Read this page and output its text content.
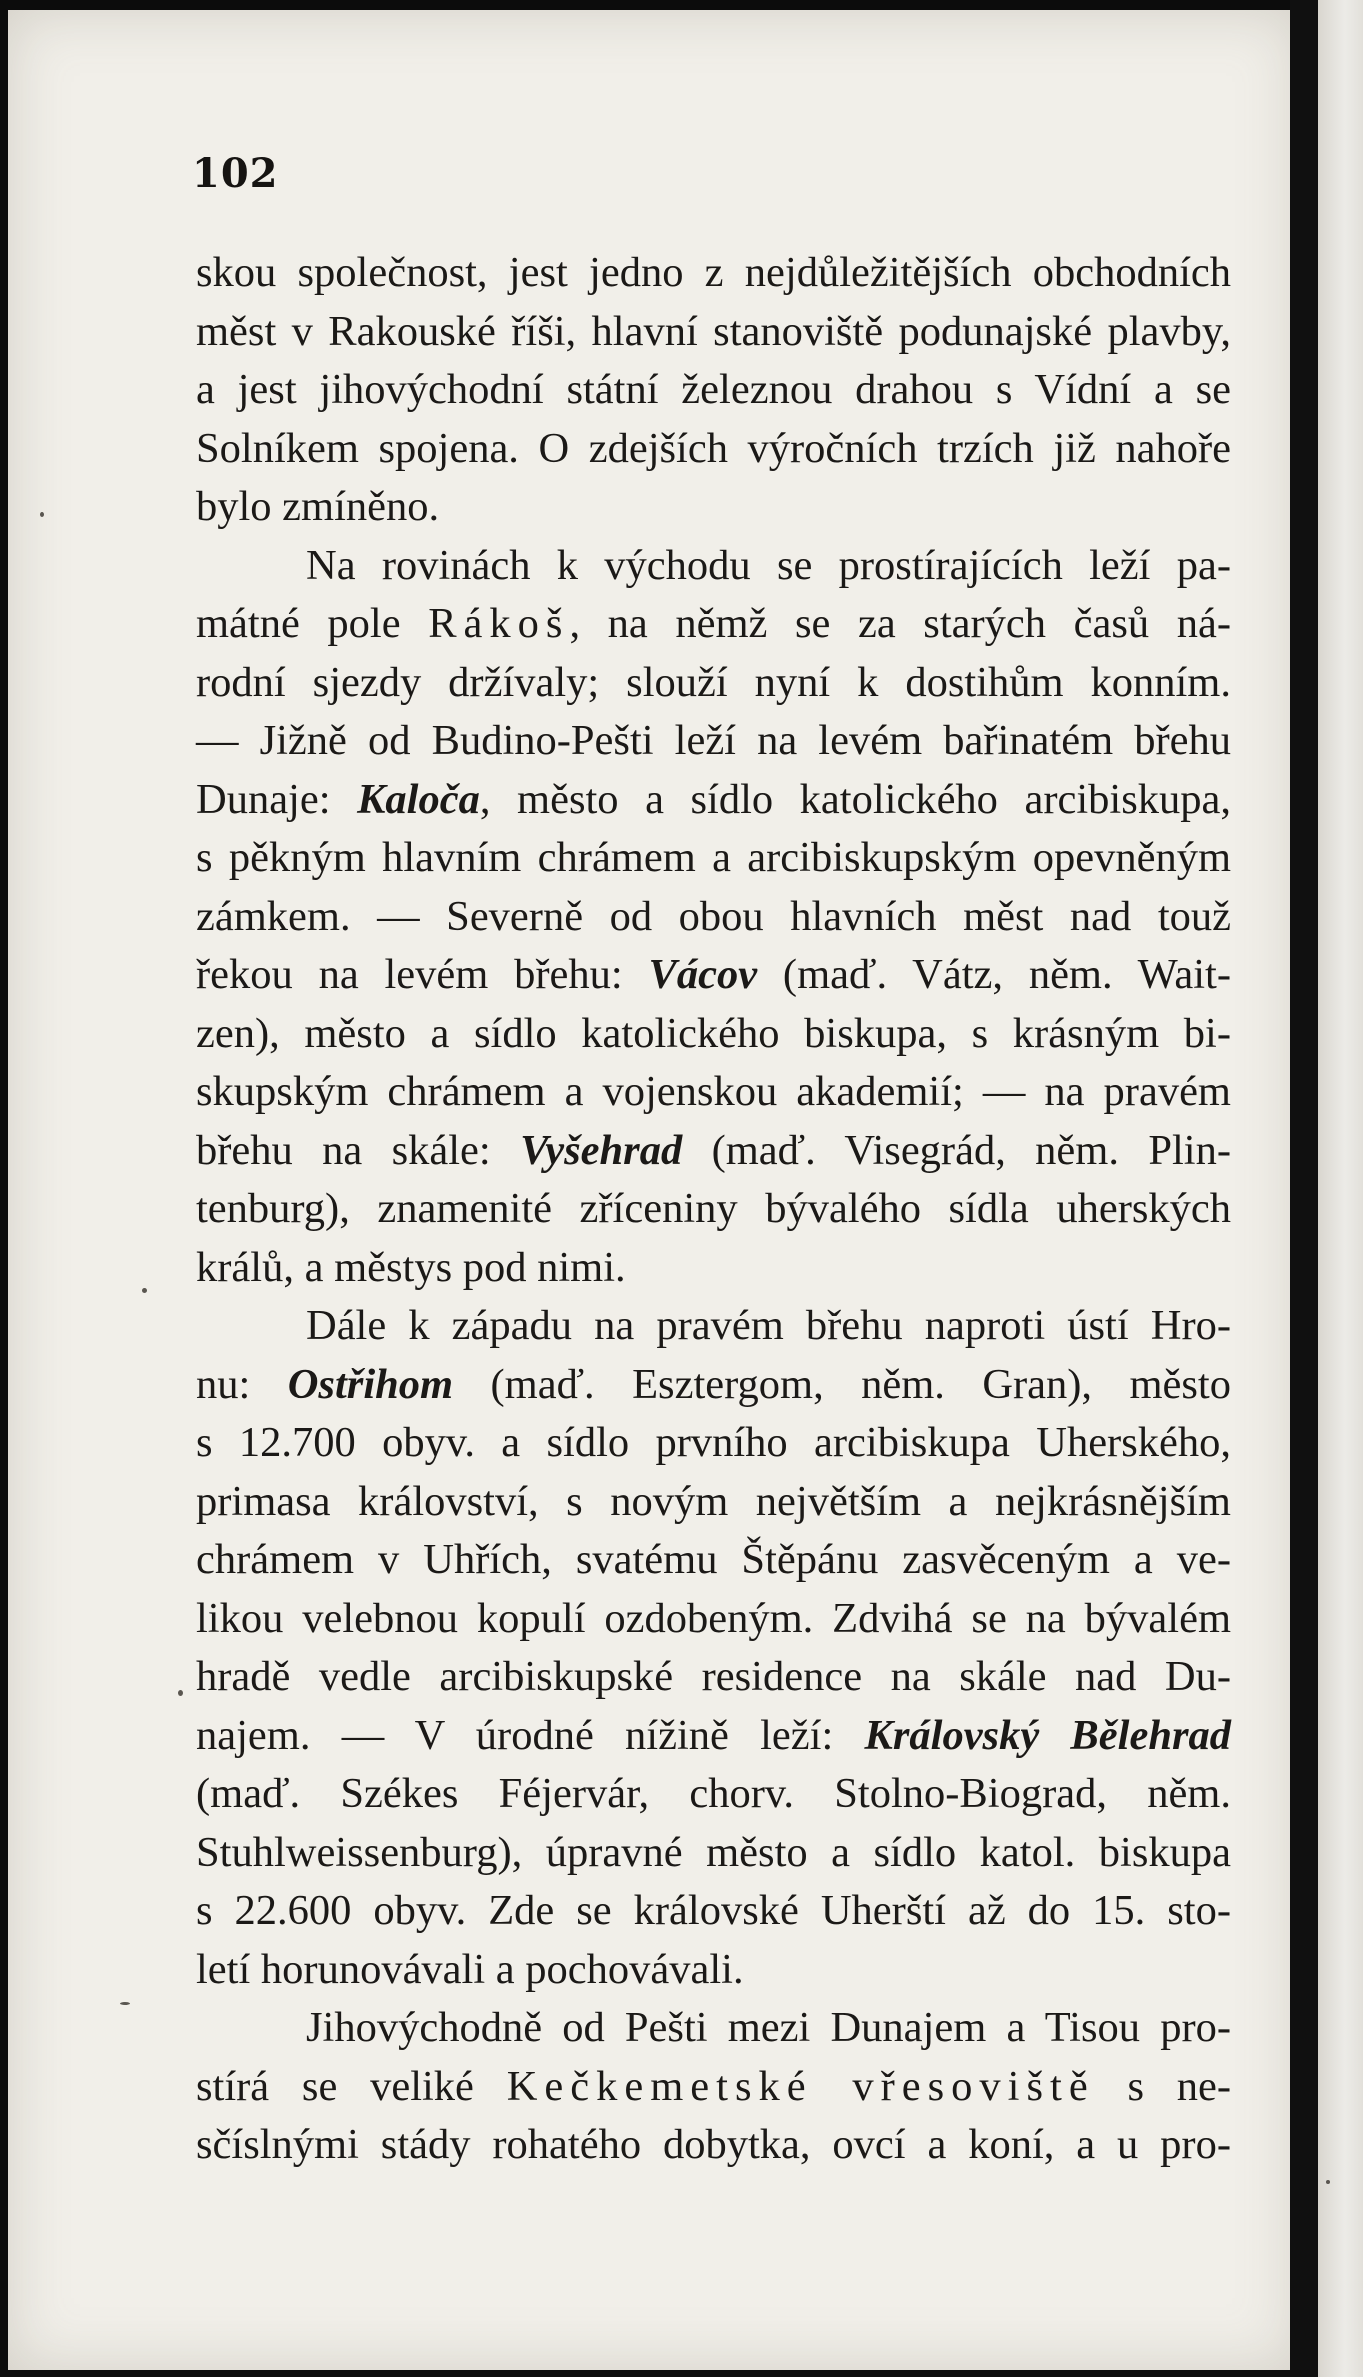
102
skou společnost, jest jedno z nejdůležitějších obchodních
měst v Rakouské říši, hlavní stanoviště podunajské plavby,
a jest jihovýchodní státní železnou drahou s Vídní a se
Solníkem spojena. O zdejších výročních trzích již nahoře
bylo zmíněno.
Na rovinách k východu se prostírajících leží pa-
mátné pole Rákoš, na němž se za starých časů ná-
rodní sjezdy držívaly; slouží nyní k dostihům konním.
— Jižně od Budino-Pešti leží na levém bařinatém břehu
Dunaje: Kaloča, město a sídlo katolického arcibiskupa,
s pěkným hlavním chrámem a arcibiskupským opevněným
zámkem. — Severně od obou hlavních měst nad touž
řekou na levém břehu: Vácov (maď. Vátz, něm. Wait-
zen), město a sídlo katolického biskupa, s krásným bi-
skupským chrámem a vojenskou akademií; — na pravém
břehu na skále: Vyšehrad (maď. Visegrád, něm. Plin-
tenburg), znamenité zříceniny bývalého sídla uherských
králů, a městys pod nimi.
Dále k západu na pravém břehu naproti ústí Hro-
nu: Ostřihom (maď. Esztergom, něm. Gran), město
s 12.700 obyv. a sídlo prvního arcibiskupa Uherského,
primasa království, s novým největším a nejkrásnějším
chrámem v Uhřích, svatému Štěpánu zasvěceným a ve-
likou velebnou kopulí ozdobeným. Zdvihá se na bývalém
hradě vedle arcibiskupské residence na skále nad Du-
najem. — V úrodné nížině leží: Královský Bělehrad
(maď. Székes Féjervár, chorv. Stolno-Biograd, něm.
Stuhlweissenburg), úpravné město a sídlo katol. biskupa
s 22.600 obyv. Zde se královské Uherští až do 15. sto-
letí horunovávali a pochovávali.
Jihovýchodně od Pešti mezi Dunajem a Tisou pro-
stírá se veliké Kečkemetské vřesoviště s ne-
sčíslnými stády rohatého dobytka, ovcí a koní, a u pro-
